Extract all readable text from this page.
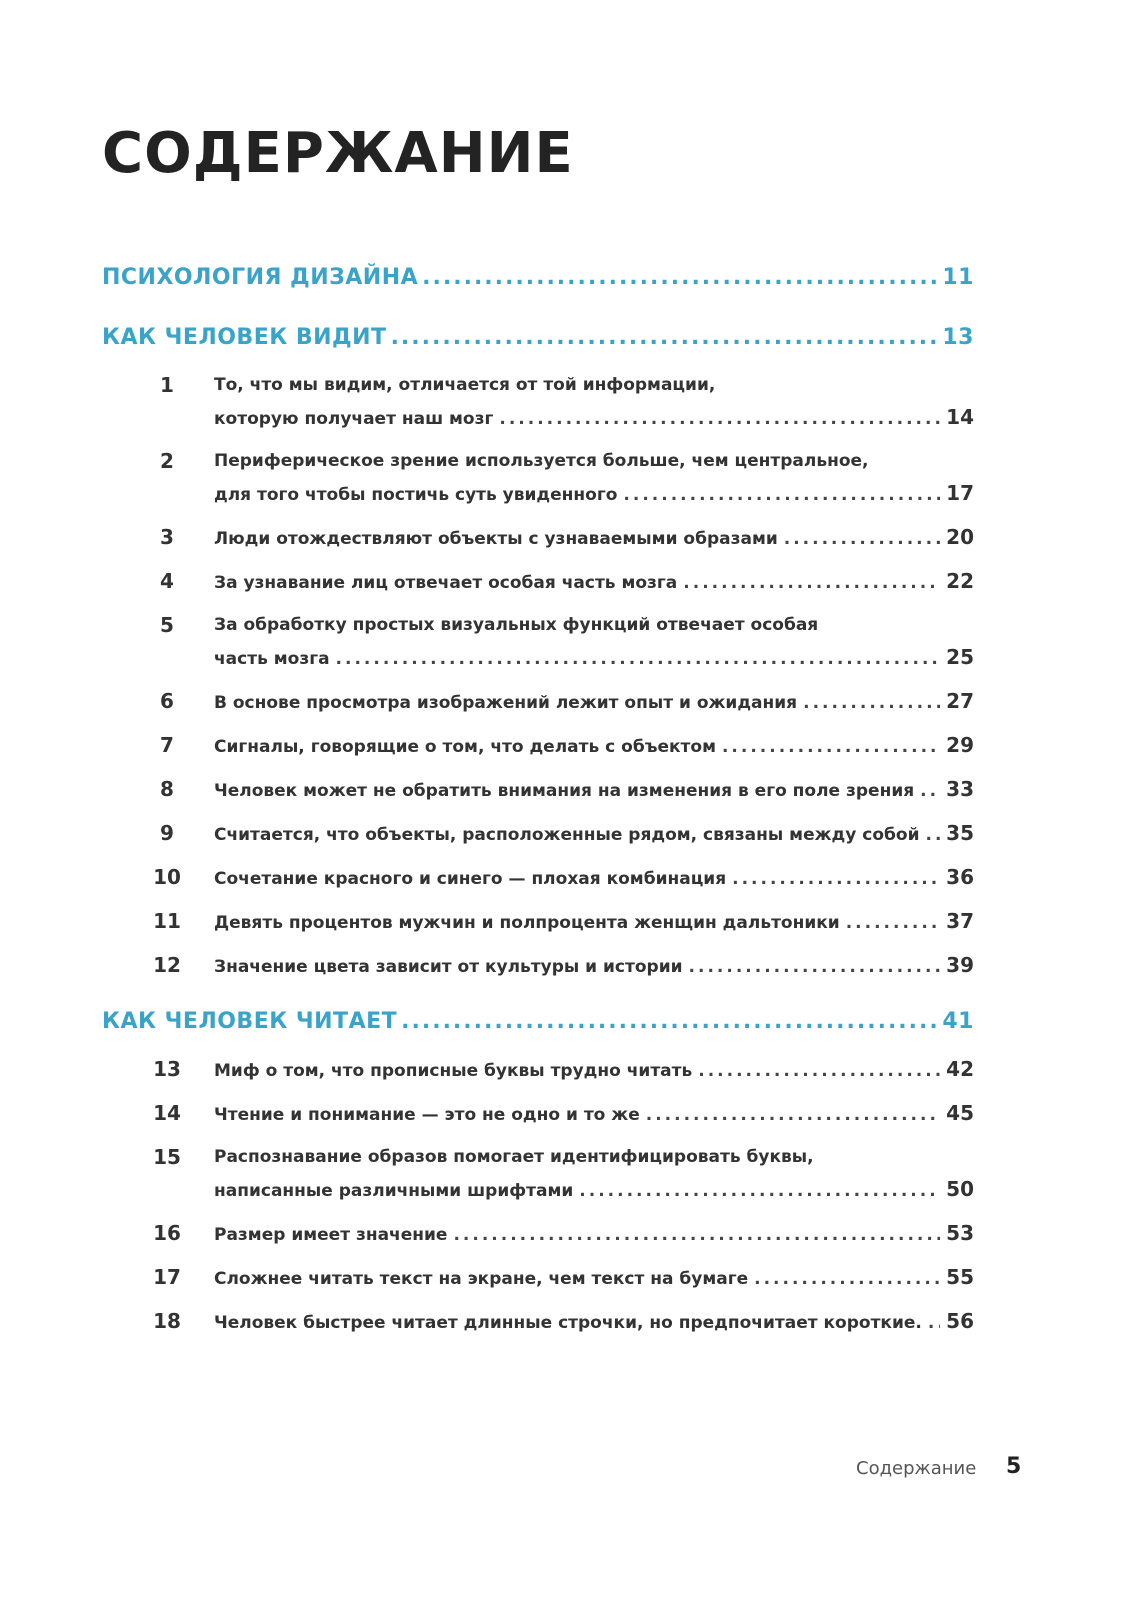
СОДЕРЖАНИЕ
ПСИХОЛОГИЯ ДИЗАЙНА .....	11
КАК ЧЕЛОВЕК ВИДИТ .....	13
1	То, что мы видим, отличается от той информации,
которую получает наш мозг .....	14
2	Периферическое зрение используется больше, чем центральное,
для того чтобы постичь суть увиденного .....	17
3	Люди отождествляют объекты с узнаваемыми образами .....	20
4	За узнавание лиц отвечает особая часть мозга .....	22
5	За обработку простых визуальных функций отвечает особая
часть мозга .....	25
6	В основе просмотра изображений лежит опыт и ожидания .....	27
7	Сигналы, говорящие о том, что делать с объектом .....	29
8	Человек может не обратить внимания на изменения в его поле зрения ..... 33
9	Считается, что объекты, расположенные рядом, связаны между собой ..... 35
10 Сочетание красного и синего — плохая комбинация .....	36
11 Девять процентов мужчин и полпроцента женщин дальтоники .....	37
12 Значение цвета зависит от культуры и истории .....	39
КАК ЧЕЛОВЕК ЧИТАЕТ .....	41
13 Миф о том, что прописные буквы трудно читать .....	42
14 Чтение и понимание — это не одно и то же .....	45
15 Распознавание образов помогает идентифицировать буквы,
написанные различными шрифтами .....	50
16 Размер имеет значение .....	53
17 Сложнее читать текст на экране, чем текст на бумаге .....	55
18 Человек быстрее читает длинные строчки, но предпочитает короткие. ..... 56
Содержание 5
